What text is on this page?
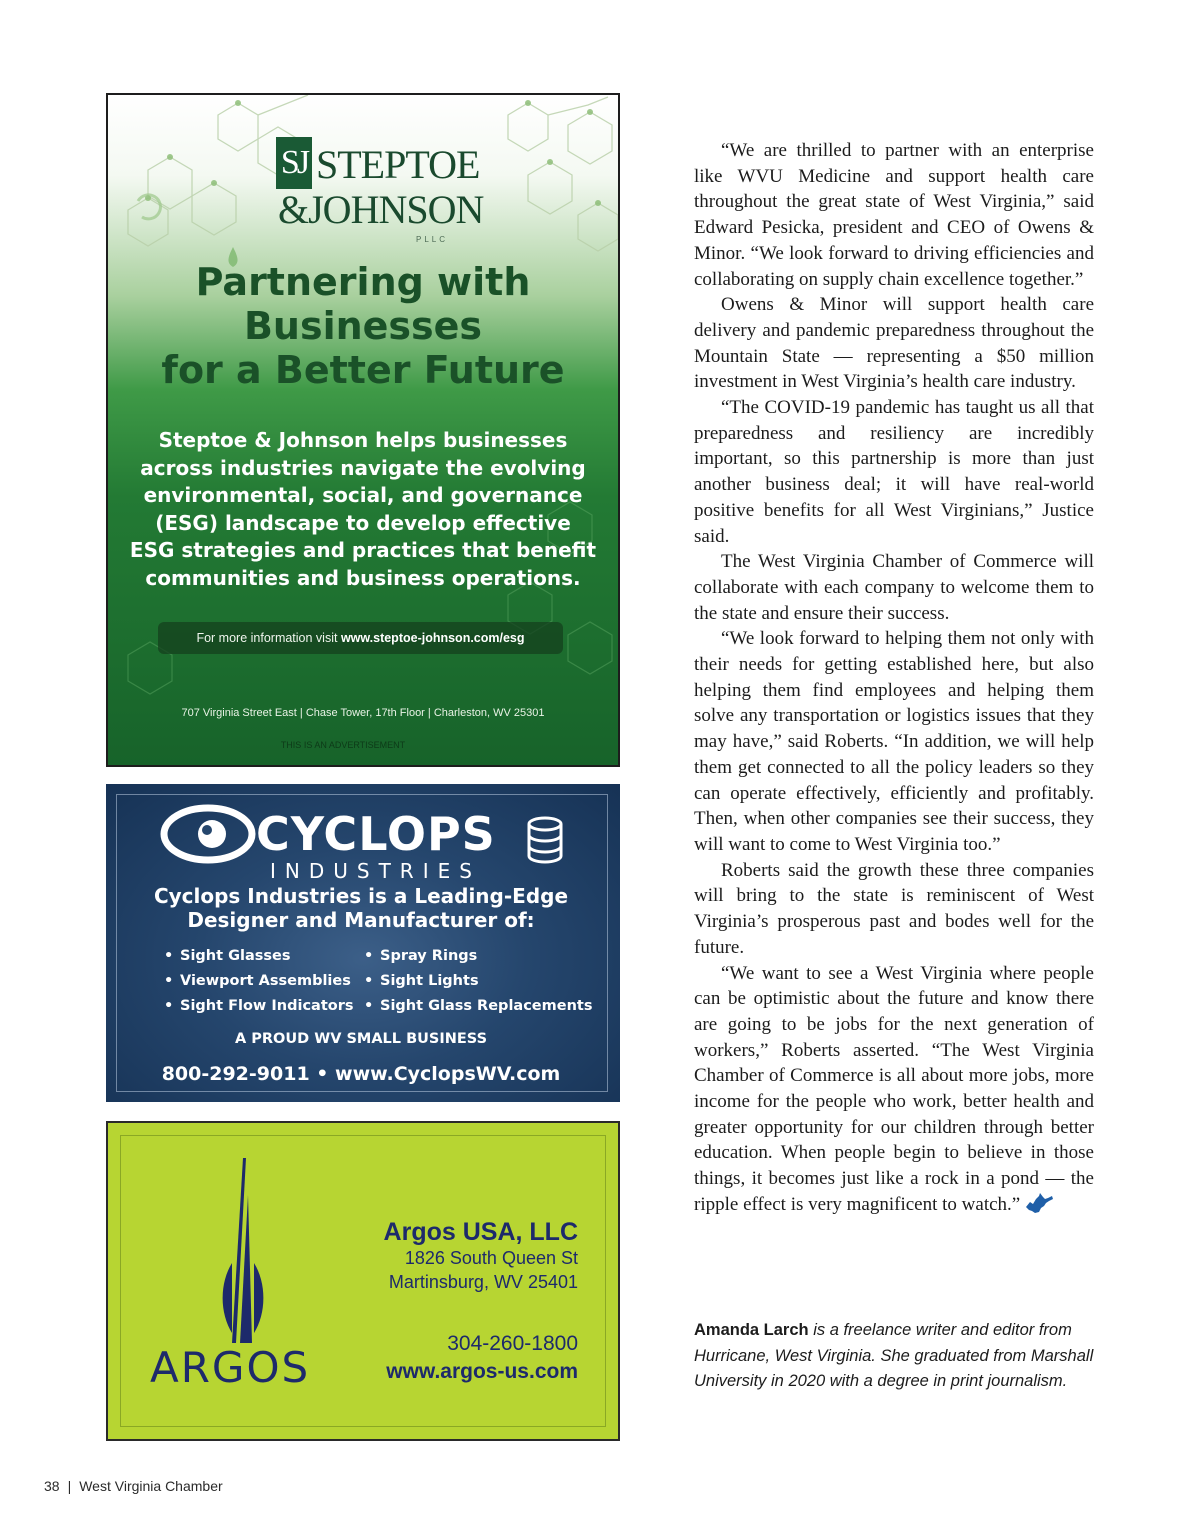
SJ STEPTOE
&JOHNSON
PLLC
Partnering with
Businesses
for a Better Future
Steptoe & Johnson helps businesses
across industries navigate the evolving
environmental, social, and governance
(ESG) landscape to develop effective
ESG strategies and practices that benefit
communities and business operations.
For more information visit www.steptoe-johnson.com/esg
707 Virginia Street East | Chase Tower, 17th Floor | Charleston, WV 25301
THIS IS AN ADVERTISEMENT
CYCLOPS
INDUSTRIES
Cyclops Industries is a Leading-Edge
Designer and Manufacturer of:
• Sight Glasses
• Viewport Assemblies
• Sight Flow Indicators
• Spray Rings
• Sight Lights
• Sight Glass Replacements
A PROUD WV SMALL BUSINESS
800-292-9011 • www.CyclopsWV.com
ARGOS
Argos USA, LLC
1826 South Queen St
Martinsburg, WV 25401
304-260-1800
www.argos-us.com

“We are thrilled to partner with an enterprise like WVU Medicine and support health care throughout the great state of West Virginia,” said Edward Pesicka, president and CEO of Owens & Minor. “We look forward to driving efficiencies and collaborating on supply chain excellence together.”

Owens & Minor will support health care delivery and pandemic preparedness throughout the Mountain State — representing a $50 million investment in West Virginia’s health care industry.

“The COVID-19 pandemic has taught us all that preparedness and resiliency are incredibly important, so this partnership is more than just another business deal; it will have real-world positive benefits for all West Virginians,” Justice said.

The West Virginia Chamber of Commerce will collaborate with each company to welcome them to the state and ensure their success.

“We look forward to helping them not only with their needs for getting established here, but also helping them find employees and helping them solve any transportation or logistics issues that they may have,” said Roberts. “In addition, we will help them get connected to all the policy leaders so they can operate effectively, efficiently and profitably. Then, when other companies see their success, they will want to come to West Virginia too.”

Roberts said the growth these three companies will bring to the state is reminiscent of West Virginia’s prosperous past and bodes well for the future.

“We want to see a West Virginia where people can be optimistic about the future and know there are going to be jobs for the next generation of workers,” Roberts asserted. “The West Virginia Chamber of Commerce is all about more jobs, more income for the people who work, better health and greater opportunity for our children through better education. When people begin to believe in those things, it becomes just like a rock in a pond — the ripple effect is very magnificent to watch.”

Amanda Larch is a freelance writer and editor from Hurricane, West Virginia. She graduated from Marshall University in 2020 with a degree in print journalism.
38 | West Virginia Chamber
